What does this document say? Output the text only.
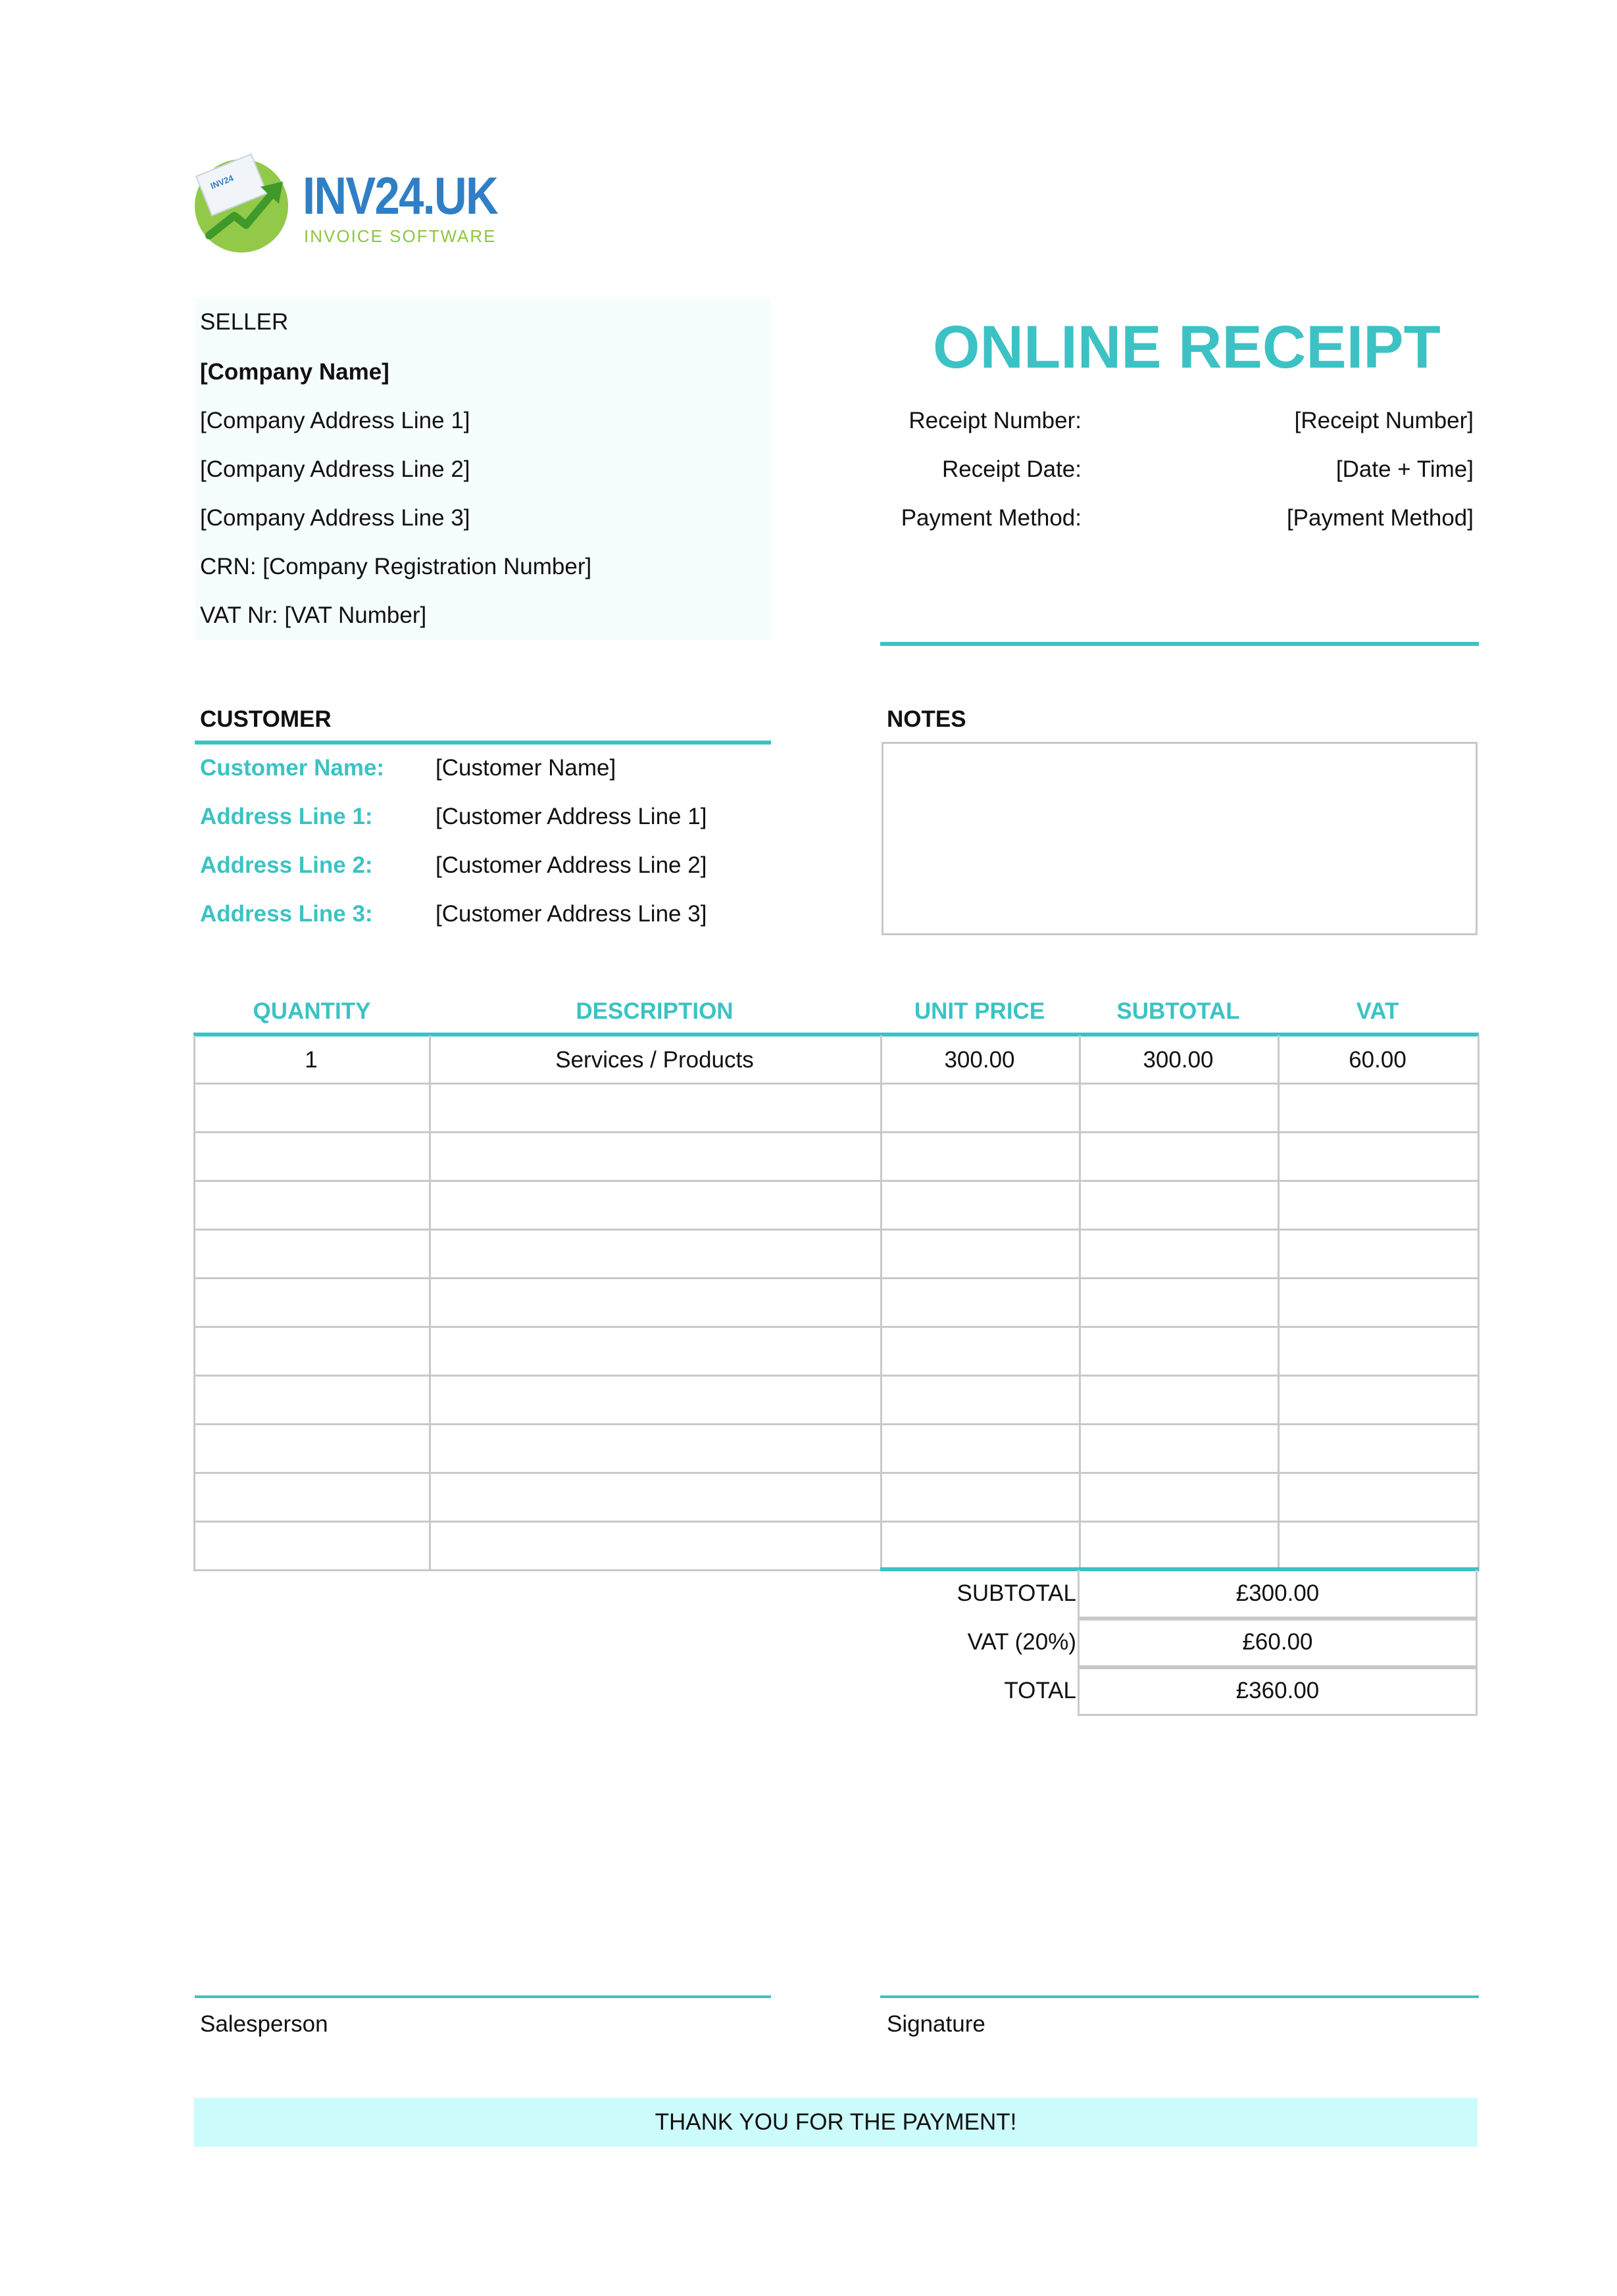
INV24 INV24.UK
INVOICE SOFTWARE
SELLER
[Company Name]
[Company Address Line 1]
[Company Address Line 2]
[Company Address Line 3]
CRN: [Company Registration Number]
VAT Nr: [VAT Number]
ONLINE RECEIPT
Receipt Number:	[Receipt Number]
Receipt Date:	[Date + Time]
Payment Method:	[Payment Method]
CUSTOMER
Customer Name: [Customer Name]
Address Line 1:	[Customer Address Line 1]
Address Line 2:	[Customer Address Line 2]
Address Line 3:	[Customer Address Line 3]
NOTES
QUANTITY	DESCRIPTION	UNIT PRICE	SUBTOTAL	VAT
1	Services / Products	300.00	300.00	60.00
SUBTOTAL	£300.00
VAT (20%)	£60.00
TOTAL	£360.00
Salesperson	Signature
THANK YOU FOR THE PAYMENT!
